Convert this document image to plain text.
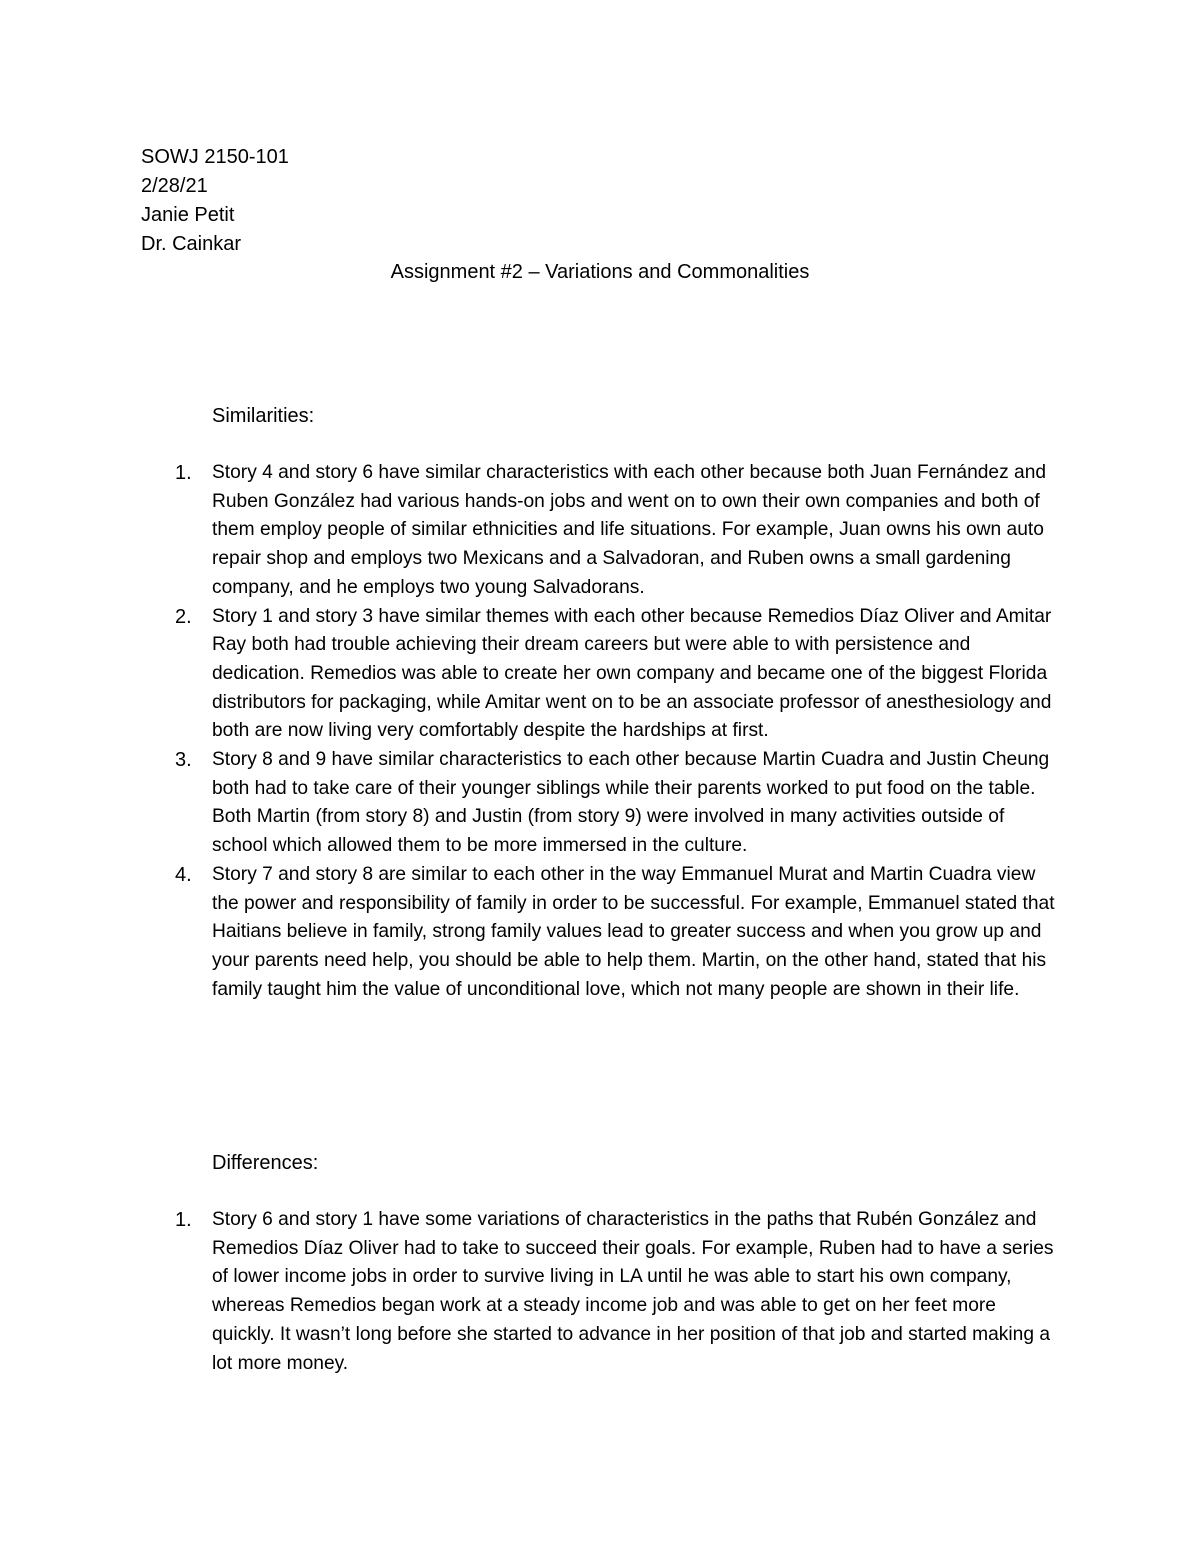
SOWJ 2150-101
2/28/21
Janie Petit
Dr. Cainkar
Assignment #2 – Variations and Commonalities
Similarities:
1. Story 4 and story 6 have similar characteristics with each other because both Juan Fernández and Ruben González had various hands-on jobs and went on to own their own companies and both of them employ people of similar ethnicities and life situations. For example, Juan owns his own auto repair shop and employs two Mexicans and a Salvadoran, and Ruben owns a small gardening company, and he employs two young Salvadorans.
2. Story 1 and story 3 have similar themes with each other because Remedios Díaz Oliver and Amitar Ray both had trouble achieving their dream careers but were able to with persistence and dedication. Remedios was able to create her own company and became one of the biggest Florida distributors for packaging, while Amitar went on to be an associate professor of anesthesiology and both are now living very comfortably despite the hardships at first.
3. Story 8 and 9 have similar characteristics to each other because Martin Cuadra and Justin Cheung both had to take care of their younger siblings while their parents worked to put food on the table. Both Martin (from story 8) and Justin (from story 9) were involved in many activities outside of school which allowed them to be more immersed in the culture.
4. Story 7 and story 8 are similar to each other in the way Emmanuel Murat and Martin Cuadra view the power and responsibility of family in order to be successful. For example, Emmanuel stated that Haitians believe in family, strong family values lead to greater success and when you grow up and your parents need help, you should be able to help them. Martin, on the other hand, stated that his family taught him the value of unconditional love, which not many people are shown in their life.
Differences:
1. Story 6 and story 1 have some variations of characteristics in the paths that Rubén González and Remedios Díaz Oliver had to take to succeed their goals. For example, Ruben had to have a series of lower income jobs in order to survive living in LA until he was able to start his own company, whereas Remedios began work at a steady income job and was able to get on her feet more quickly. It wasn’t long before she started to advance in her position of that job and started making a lot more money.
